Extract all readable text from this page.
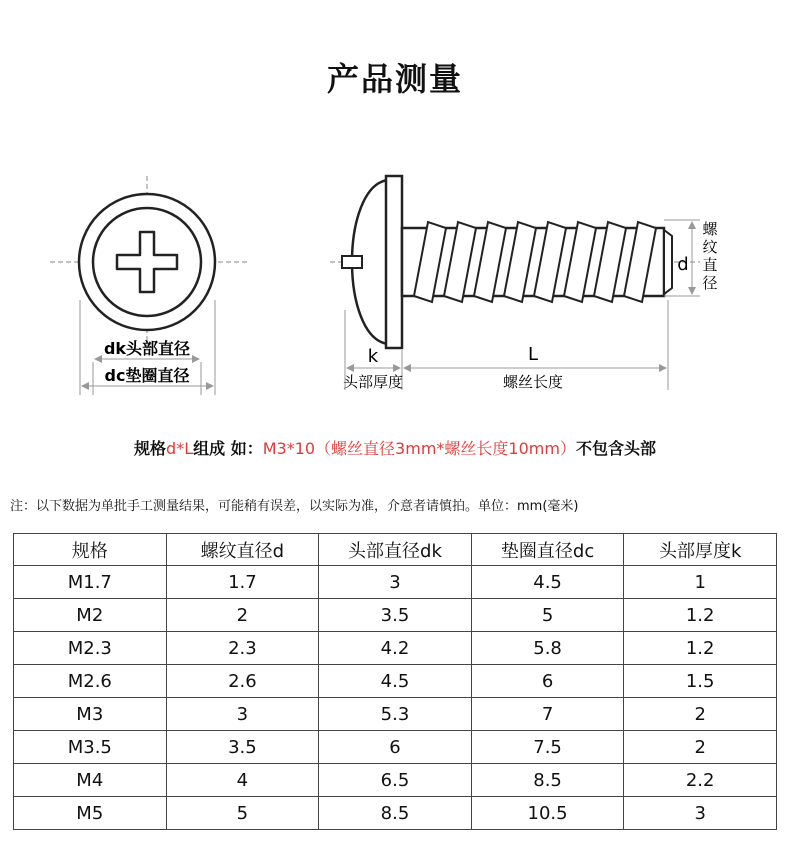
产品测量
dk头部直径
dc垫圈直径
d
螺
纹
直
径
k	L
头部厚度	螺丝长度
规格d*L组成 如：M3*10（螺丝直径3mm*螺丝长度10mm）不包含头部
注：以下数据为单批手工测量结果，可能稍有误差，以实际为准，介意者请慎拍。单位：mm(毫米)
规格	螺纹直径d	头部直径dk	垫圈直径dc	头部厚度k
M1.7	1.7	3	4.5	1
M2	2	3.5	5	1.2
M2.3	2.3	4.2	5.8	1.2
M2.6	2.6	4.5	6	1.5
M3	3	5.3	7	2
M3.5	3.5	6	7.5	2
M4	4	6.5	8.5	2.2
M5	5	8.5	10.5	3
